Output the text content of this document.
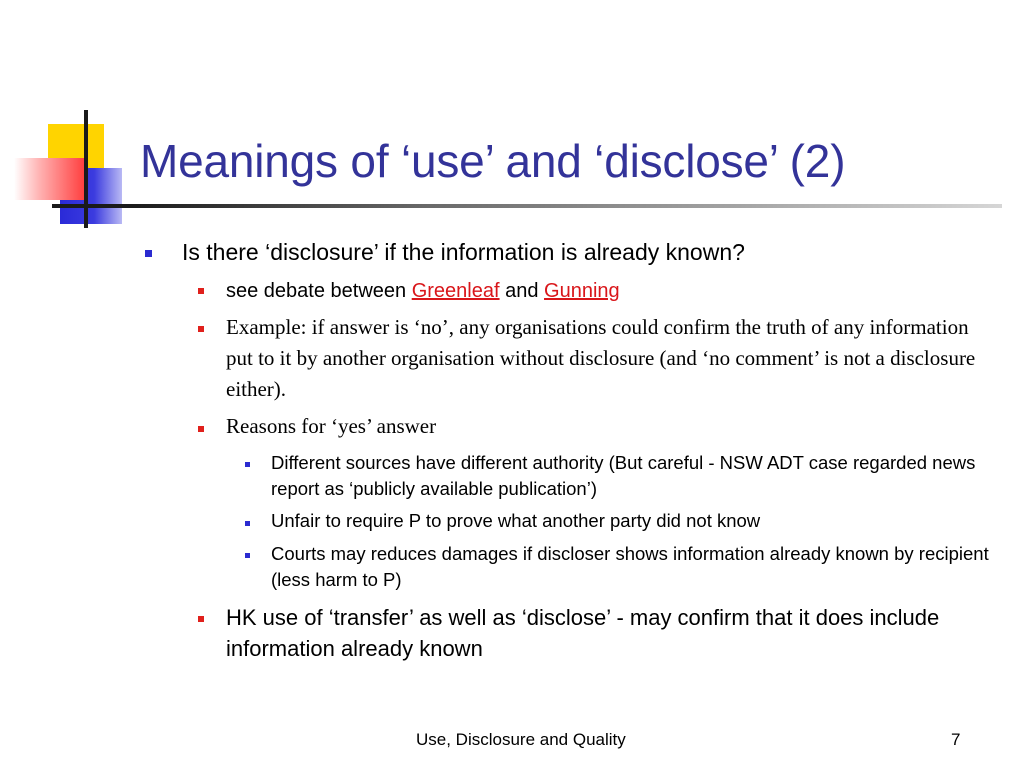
Meanings of ‘use’ and ‘disclose’ (2)
Is there ‘disclosure’ if the information is already known?
see debate between Greenleaf and Gunning
Example: if answer is ‘no’, any organisations could confirm the truth of any information put to it by another organisation without disclosure (and ‘no comment’ is not a disclosure either).
Reasons for ‘yes’ answer
Different sources have different authority (But careful - NSW ADT case regarded news report as ‘publicly available publication’)
Unfair to require P to prove what another party did not know
Courts may reduces damages if discloser shows information already known by recipient (less harm to P)
HK use of ‘transfer’ as well as ‘disclose’ - may confirm that it does include information already known
Use, Disclosure and Quality	7
